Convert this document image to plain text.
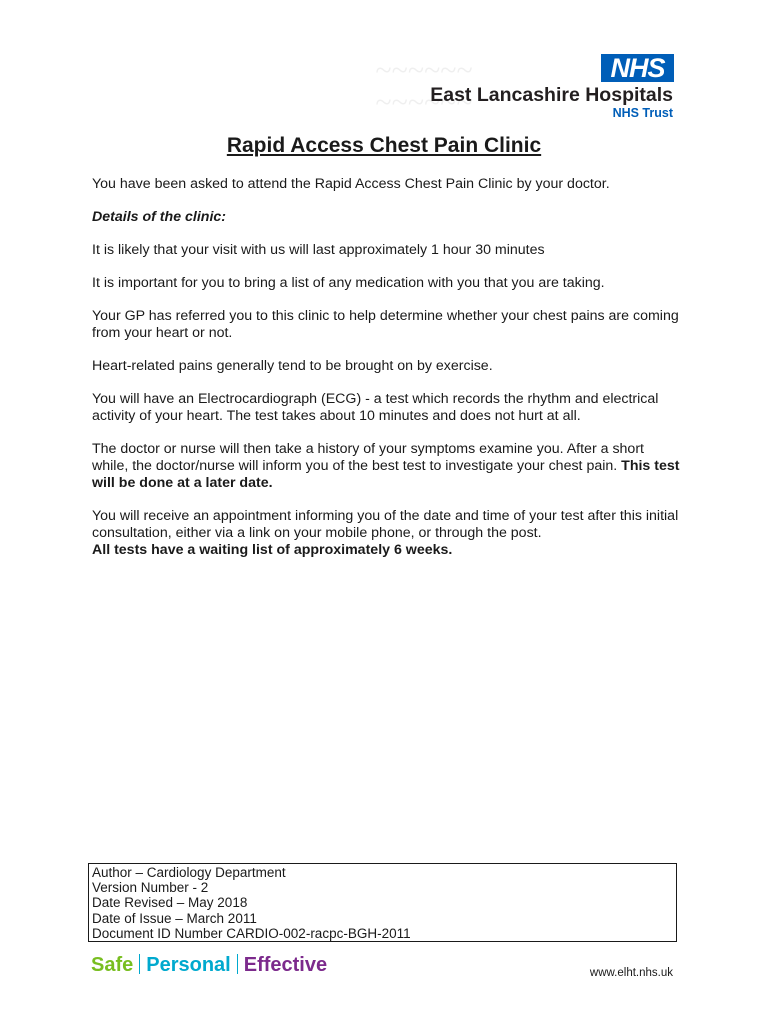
~~~~~~
~~~~~~
NHS
East Lancashire Hospitals
NHS Trust
Rapid Access Chest Pain Clinic

You have been asked to attend the Rapid Access Chest Pain Clinic by your doctor.

Details of the clinic:

It is likely that your visit with us will last approximately 1 hour 30 minutes

It is important for you to bring a list of any medication with you that you are taking.

Your GP has referred you to this clinic to help determine whether your chest pains are coming from your heart or not.

Heart-related pains generally tend to be brought on by exercise.

You will have an Electrocardiograph (ECG) - a test which records the rhythm and electrical activity of your heart. The test takes about 10 minutes and does not hurt at all.

The doctor or nurse will then take a history of your symptoms examine you. After a short while, the doctor/nurse will inform you of the best test to investigate your chest pain. This test will be done at a later date.

You will receive an appointment informing you of the date and time of your test after this initial consultation, either via a link on your mobile phone, or through the post.
All tests have a waiting list of approximately 6 weeks.

Author – Cardiology Department
Version Number - 2
Date Revised – May 2018
Date of Issue – March 2011
Document ID Number CARDIO-002-racpc-BGH-2011
Safe Personal Effective	www.elht.nhs.uk
